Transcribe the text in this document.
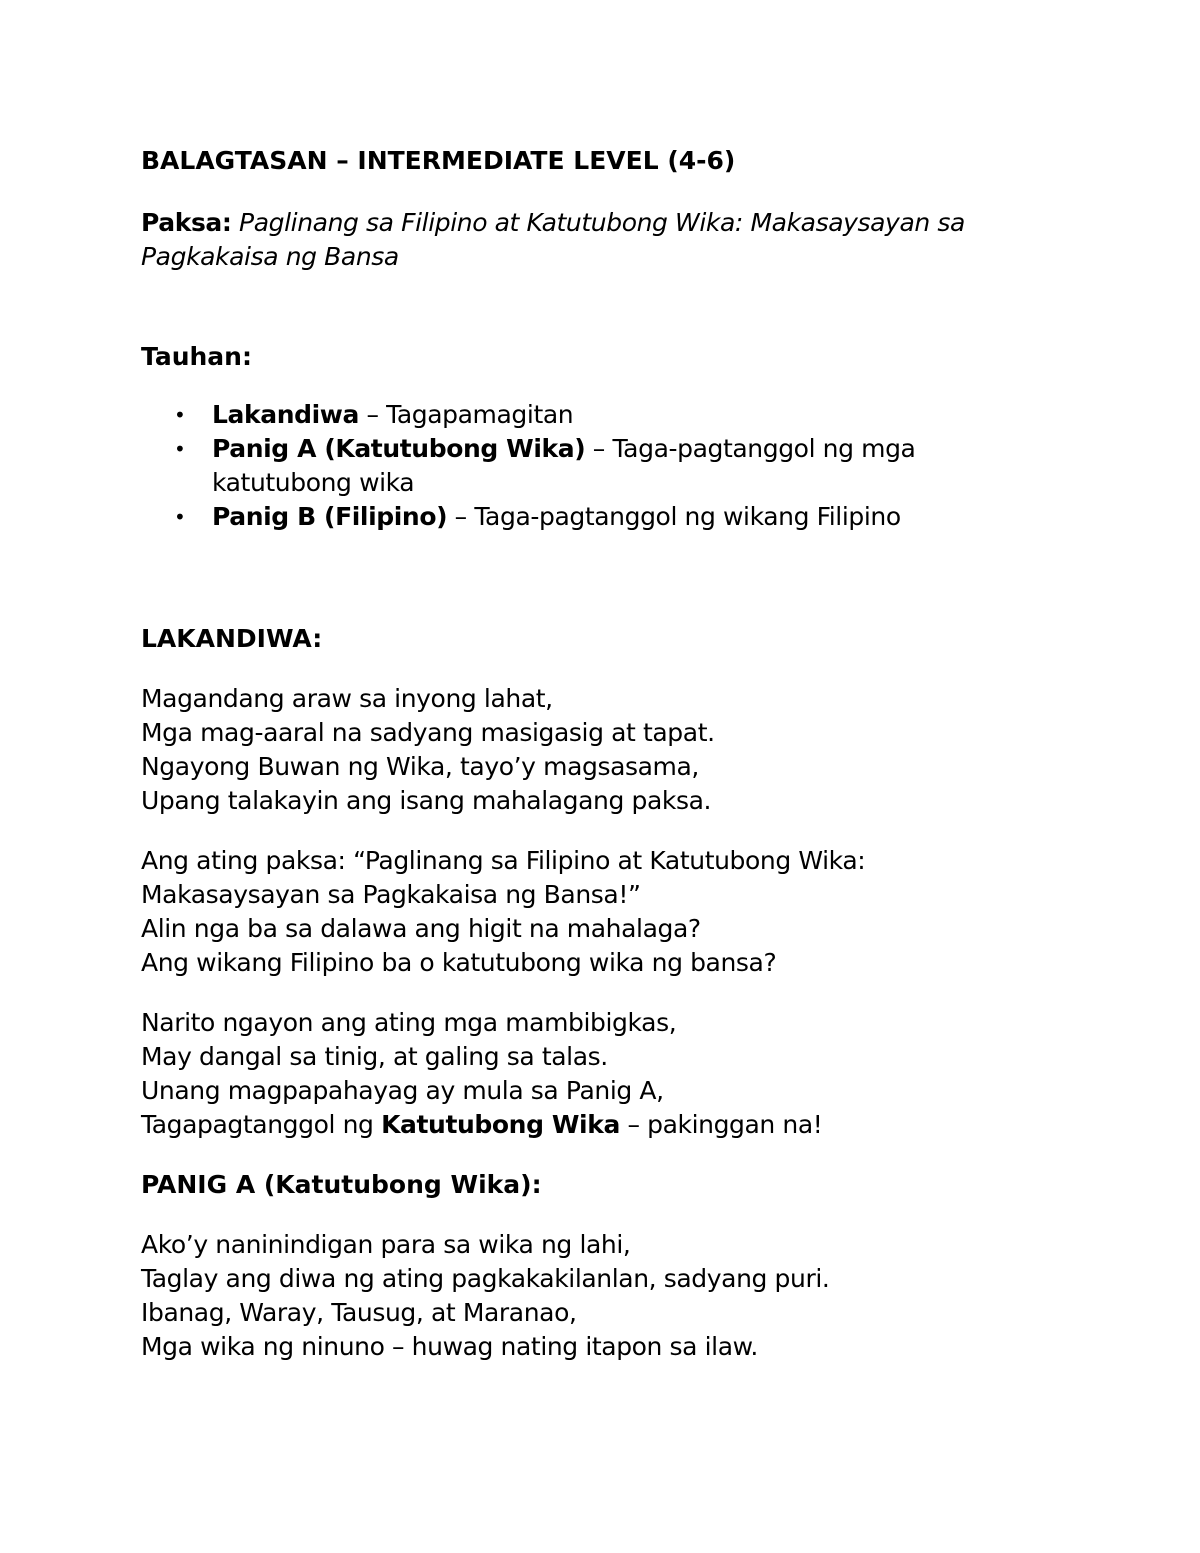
BALAGTASAN – INTERMEDIATE LEVEL (4-6)

Paksa: Paglinang sa Filipino at Katutubong Wika: Makasaysayan sa Pagkakaisa ng Bansa

Tauhan:

• Lakandiwa – Tagapamagitan
• Panig A (Katutubong Wika) – Taga-pagtanggol ng mga katutubong wika
• Panig B (Filipino) – Taga-pagtanggol ng wikang Filipino

LAKANDIWA:

Magandang araw sa inyong lahat,
Mga mag-aaral na sadyang masigasig at tapat.
Ngayong Buwan ng Wika, tayo’y magsasama,
Upang talakayin ang isang mahalagang paksa.

Ang ating paksa: “Paglinang sa Filipino at Katutubong Wika:
Makasaysayan sa Pagkakaisa ng Bansa!”
Alin nga ba sa dalawa ang higit na mahalaga?
Ang wikang Filipino ba o katutubong wika ng bansa?

Narito ngayon ang ating mga mambibigkas,
May dangal sa tinig, at galing sa talas.
Unang magpapahayag ay mula sa Panig A,
Tagapagtanggol ng Katutubong Wika – pakinggan na!

PANIG A (Katutubong Wika):

Ako’y naninindigan para sa wika ng lahi,
Taglay ang diwa ng ating pagkakakilanlan, sadyang puri.
Ibanag, Waray, Tausug, at Maranao,
Mga wika ng ninuno – huwag nating itapon sa ilaw.
